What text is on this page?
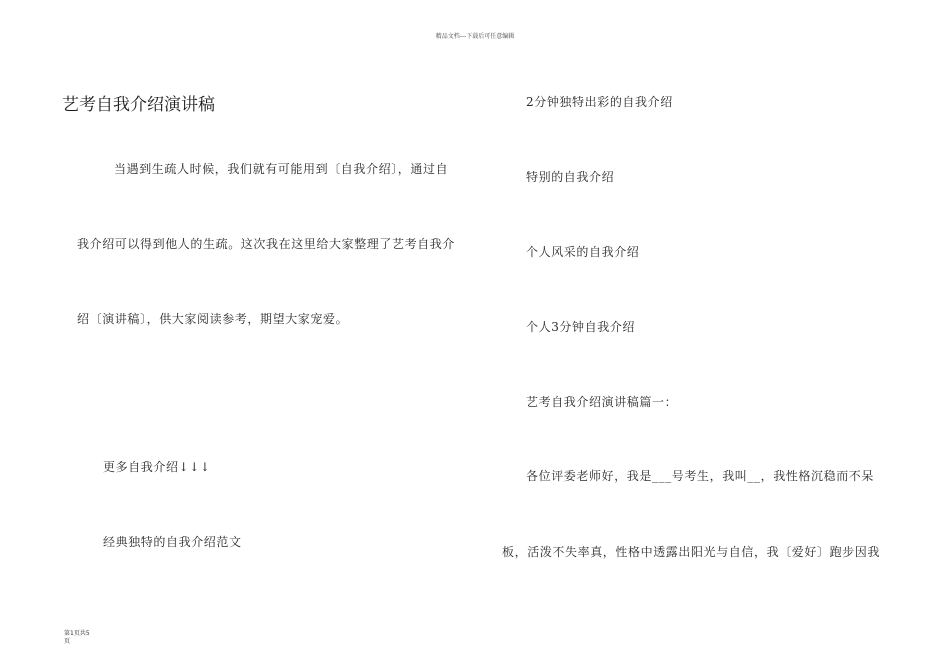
精品文档---下载后可任意编辑
艺考自我介绍演讲稿
当遇到生疏人时候，我们就有可能用到〔自我介绍〕，通过自
我介绍可以得到他人的生疏。这次我在这里给大家整理了艺考自我介
绍〔演讲稿〕，供大家阅读参考，期望大家宠爱。
更多自我介绍↓↓↓
经典独特的自我介绍范文
2分钟独特出彩的自我介绍
特别的自我介绍
个人风采的自我介绍
个人3分钟自我介绍
艺考自我介绍演讲稿篇一：
各位评委老师好，我是___号考生，我叫__，我性格沉稳而不呆
板，活泼不失率真，性格中透露出阳光与自信，我〔爱好〕跑步因我
第1页共5
页
